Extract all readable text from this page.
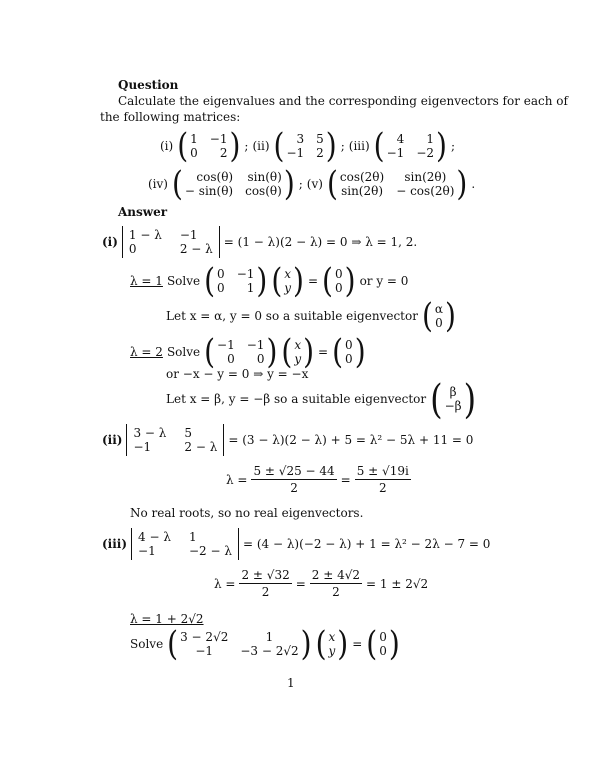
Question
Calculate the eigenvalues and the corresponding eigenvectors for each of
the following matrices:
(i) ( 1 −1
0	2 ) ; (ii) (	3 5
−1 2 ) ; (iii) (	4	1
−1 −2 ) ;
(iv) (	cos(θ) sin(θ)
− sin(θ) cos(θ) ) ; (v) ( cos(2θ)	sin(2θ)
sin(2θ) − cos(2θ) ) .
Answer
(i) 1 − λ −1
0	2 − λ = (1 − λ)(2 − λ) = 0 ⇒ λ = 1, 2.
λ = 1 Solve ( 0 −1
0	1 ) ( x
y ) = ( 0
0 ) or y = 0
Let x = α, y = 0 so a suitable eigenvector ( α
0 )
λ = 2 Solve ( −1 −1
0	0 ) ( x
y ) = ( 0
0 )
or −x − y = 0 ⇒ y = −x
Let x = β, y = −β so a suitable eigenvector ( β
−β )
(ii) 3 − λ 5
−1	2 − λ = (3 − λ)(2 − λ) + 5 = λ² − 5λ + 11 = 0
$\lambda = \frac{5 \pm √25 - 44}{2} = \frac{5 \pm √19i}{2}$
No real roots, so no real eigenvectors.
(iii) 4 − λ 1
−1	−2 − λ = (4 − λ)(−2 − λ) + 1 = λ² − 2λ − 7 = 0
$\lambda = \frac{2 \pm √32}{2} = \frac{2 \pm 4√2}{2} = 1 \pm 2√2$
λ = 1 + 2√2
Solve ( 3 − 2√2	1
−1	−3 − 2√2 ) ( x
y ) = ( 0
0 )
1
